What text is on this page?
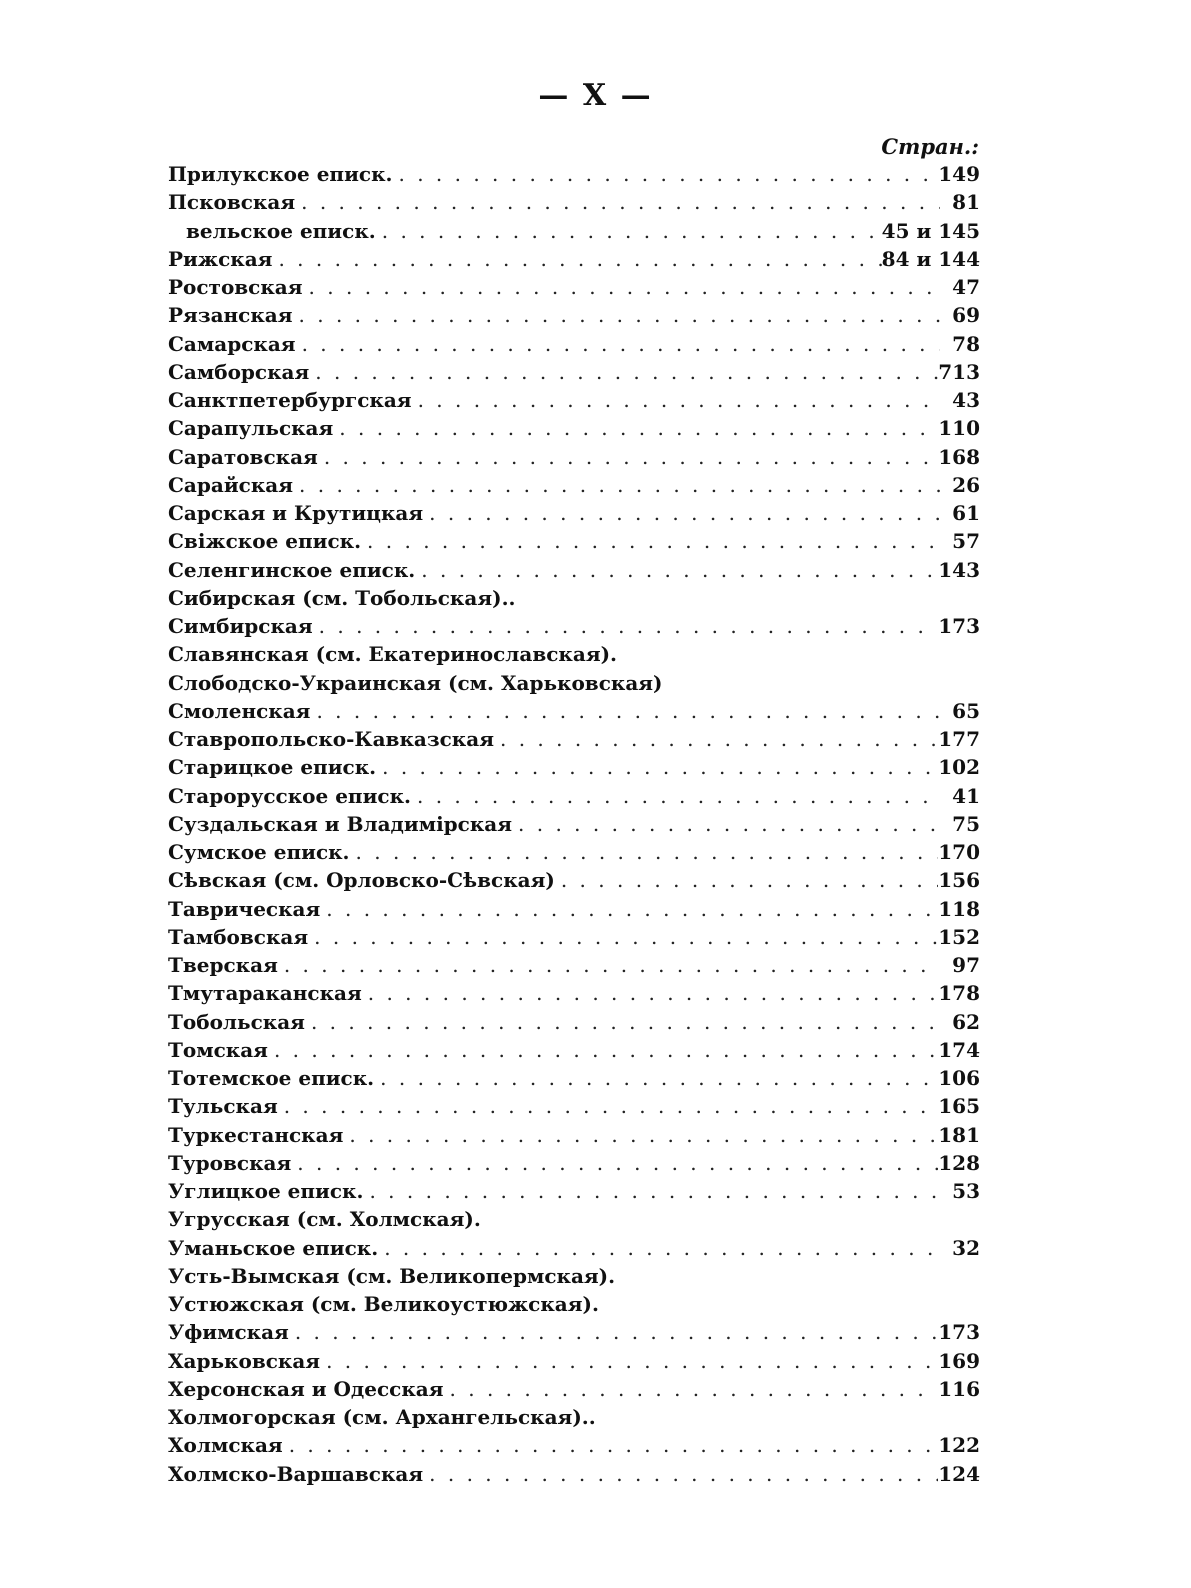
— X —
Стран.:
Прилукское еписк. . . .	149
Псковская . . .	81
вельское еписк. . . .	45 и 145
Рижская . . .	84 и 144
Ростовская . . .	47
Рязанская . . .	69
Самарская . . .	78
Самборская . . .	713
Санктпетербургская . . .	43
Сарапульская . . .	110
Саратовская . . .	168
Сарайская . . .	26
Сарская и Крутицкая . . .	61
Свіжское еписк. . . .	57
Селенгинское еписк. . . .	143
Сибирская (см. Тобольская)..
Симбирская . . .	173
Славянская (см. Екатеринославская).
Слободско-Украинская (см. Харьковская)
Смоленская . . .	65
Ставропольско-Кавказская . . .	177
Старицкое еписк. . . .	102
Старорусское еписк. . . .	41
Суздальская и Владимірская . . .	75
Сумское еписк. . . .	170
Сѣвская (см. Орловско-Сѣвская) . . .	156
Таврическая . . .	118
Тамбовская . . .	152
Тверская . . .	97
Тмутараканская . . .	178
Тобольская . . .	62
Томская . . .	174
Тотемское еписк. . . .	106
Тульская . . .	165
Туркестанская . . .	181
Туровская . . .	128
Углицкое еписк. . . .	53
Угрусская (см. Холмская).
Уманьское еписк. . . .	32
Усть-Вымская (см. Великопермская).
Устюжская (см. Великоустюжская).
Уфимская . . .	173
Харьковская . . .	169
Херсонская и Одесская . . .	116
Холмогорская (см. Архангельская)..
Холмская . . .	122
Холмско-Варшавская . . .	124
